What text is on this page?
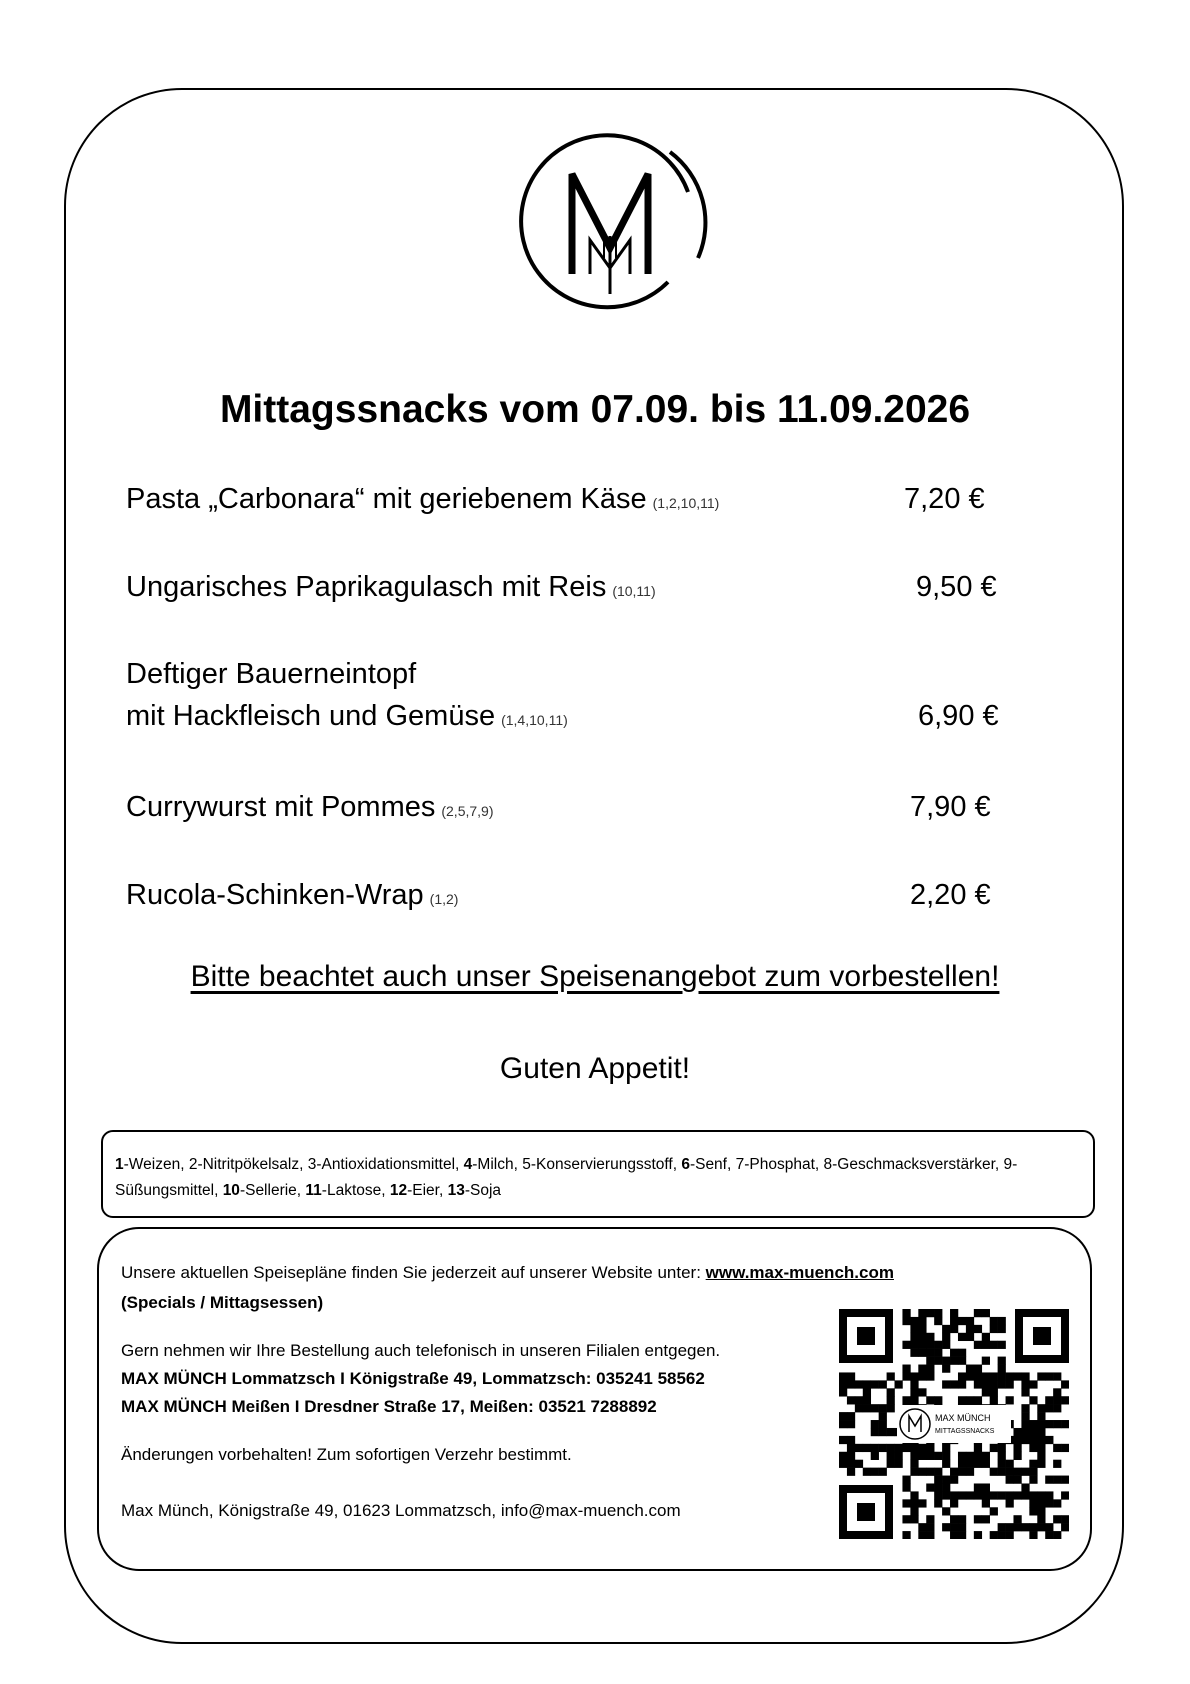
Mittagssnacks vom 07.09. bis 11.09.2026
Pasta „Carbonara“ mit geriebenem Käse (1,2,10,11)	7,20 €
Ungarisches Paprikagulasch mit Reis (10,11)	9,50 €
Deftiger Bauerneintopf
mit Hackfleisch und Gemüse (1,4,10,11)	6,90 €
Currywurst mit Pommes (2,5,7,9)	7,90 €
Rucola-Schinken-Wrap (1,2)	2,20 €
Bitte beachtet auch unser Speisenangebot zum vorbestellen!
Guten Appetit!
1-Weizen, 2-Nitritpökelsalz, 3-Antioxidationsmittel, 4-Milch, 5-Konservierungsstoff, 6-Senf, 7-Phosphat, 8-Geschmacksverstärker, 9-Süßungsmittel, 10-Sellerie, 11-Laktose, 12-Eier, 13-Soja
Unsere aktuellen Speisepläne finden Sie jederzeit auf unserer Website unter: www.max-muench.com
(Specials / Mittagsessen)
Gern nehmen wir Ihre Bestellung auch telefonisch in unseren Filialen entgegen.
MAX MÜNCH Lommatzsch I Königstraße 49, Lommatzsch: 035241 58562
MAX MÜNCH Meißen I Dresdner Straße 17, Meißen: 03521 7288892
Änderungen vorbehalten! Zum sofortigen Verzehr bestimmt.
Max Münch, Königstraße 49, 01623 Lommatzsch, info@max-muench.com
MAX MÜNCH
MITTAGSSNACKS
